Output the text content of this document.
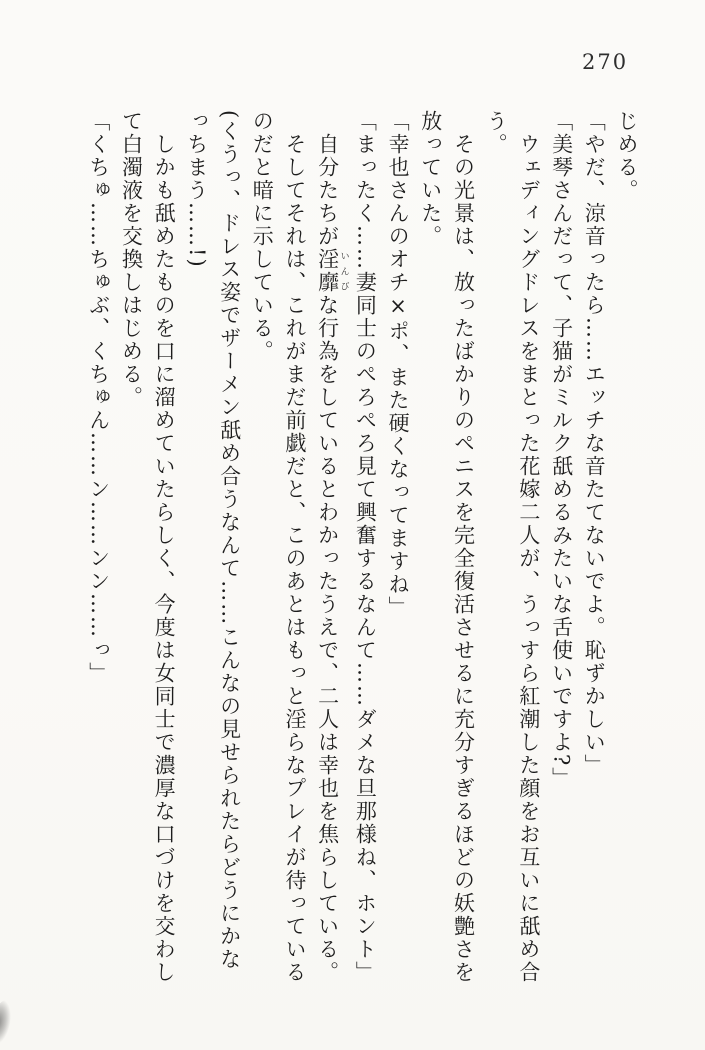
270
じめる。
「やだ、涼音ったら……エッチな音たてないでよ。恥ずかしい」
「美琴さんだって、子猫がミルク舐めるみたいな舌使いですよ?」
ウェディングドレスをまとった花嫁二人が、うっすら紅潮した顔をお互いに舐め合
う。
その光景は、放ったばかりのペニスを完全復活させるに充分すぎるほどの妖艶さを
放っていた。
「幸也さんのオチ×ポ、また硬くなってますね」
「まったく……妻同士のぺろぺろ見て興奮するなんて……ダメな旦那様ね、ホント」
自分たちが淫靡 いんびな行為をしているとわかったうえで、二人は幸也を焦らしている。
そしてそれは、これがまだ前戯だと、このあとはもっと淫らなプレイが待っている
のだと暗に示している。
(くうっ、ドレス姿でザーメン舐め合うなんて……こんなの見せられたらどうにかな
っちまう……!)
しかも舐めたものを口に溜めていたらしく、今度は女同士で濃厚な口づけを交わし
て白濁液を交換しはじめる。
「くちゅ……ちゅぶ、くちゅん……ン……ンン……っ」
